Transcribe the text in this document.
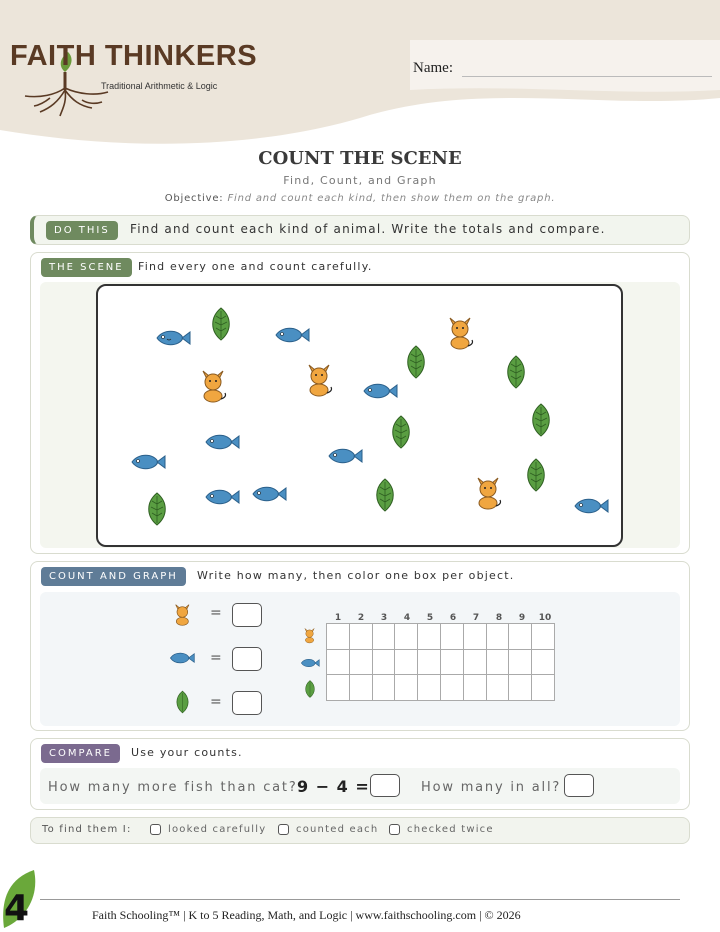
FAITH THINKERS
Traditional Arithmetic & Logic
Name:
COUNT THE SCENE
Find, Count, and Graph
Objective: Find and count each kind, then show them on the graph.
DO THIS	Find and count each kind of animal. Write the totals and compare.
THE SCENE	Find every one and count carefully.
COUNT AND GRAPH	Write how many, then color one box per object.
=
=
=
1	2	3	4	5	6	7	8	9	10

COMPARE	Use your counts.
How many more fish than cat? 9 − 4 =	How many in all?
To find them I:	looked carefully	counted each	checked twice
4	Faith Schooling™ | K to 5 Reading, Math, and Logic | www.faithschooling.com | © 2026
